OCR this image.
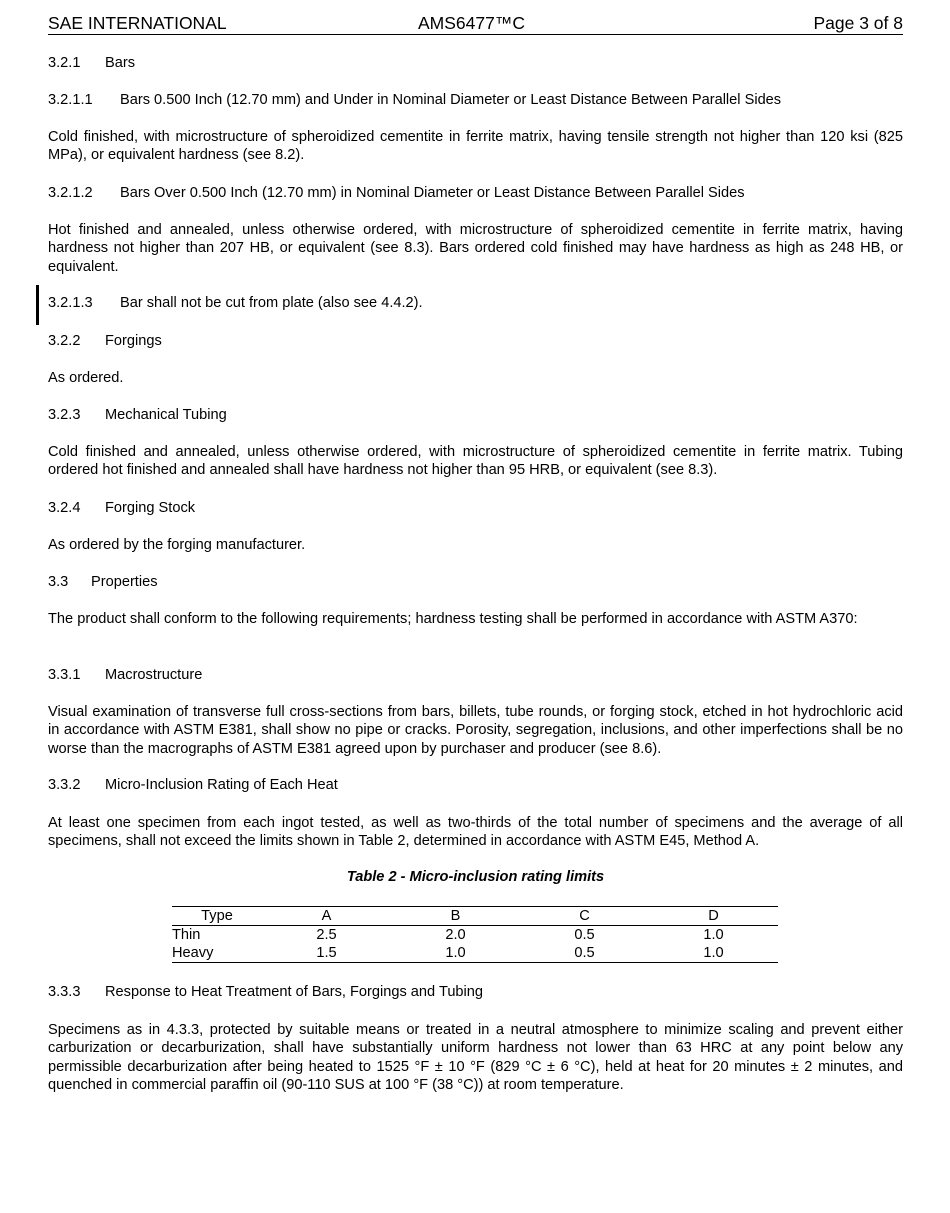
SAE INTERNATIONAL	AMS6477™C	Page 3 of 8

3.2.1 Bars

3.2.1.1 Bars 0.500 Inch (12.70 mm) and Under in Nominal Diameter or Least Distance Between Parallel Sides

Cold finished, with microstructure of spheroidized cementite in ferrite matrix, having tensile strength not higher than 120 ksi (825 MPa), or equivalent hardness (see 8.2).

3.2.1.2 Bars Over 0.500 Inch (12.70 mm) in Nominal Diameter or Least Distance Between Parallel Sides

Hot finished and annealed, unless otherwise ordered, with microstructure of spheroidized cementite in ferrite matrix, having hardness not higher than 207 HB, or equivalent (see 8.3). Bars ordered cold finished may have hardness as high as 248 HB, or equivalent.

3.2.1.3 Bar shall not be cut from plate (also see 4.4.2).

3.2.2 Forgings

As ordered.

3.2.3 Mechanical Tubing

Cold finished and annealed, unless otherwise ordered, with microstructure of spheroidized cementite in ferrite matrix. Tubing ordered hot finished and annealed shall have hardness not higher than 95 HRB, or equivalent (see 8.3).

3.2.4 Forging Stock

As ordered by the forging manufacturer.

3.3 Properties

The product shall conform to the following requirements; hardness testing shall be performed in accordance with ASTM A370:

3.3.1 Macrostructure

Visual examination of transverse full cross-sections from bars, billets, tube rounds, or forging stock, etched in hot hydrochloric acid in accordance with ASTM E381, shall show no pipe or cracks. Porosity, segregation, inclusions, and other imperfections shall be no worse than the macrographs of ASTM E381 agreed upon by purchaser and producer (see 8.6).

3.3.2 Micro-Inclusion Rating of Each Heat

At least one specimen from each ingot tested, as well as two-thirds of the total number of specimens and the average of all specimens, shall not exceed the limits shown in Table 2, determined in accordance with ASTM E45, Method A.

Table 2 - Micro-inclusion rating limits
Type	A	B	C	D
Thin	2.5	2.0	0.5	1.0
Heavy	1.5	1.0	0.5	1.0

3.3.3 Response to Heat Treatment of Bars, Forgings and Tubing

Specimens as in 4.3.3, protected by suitable means or treated in a neutral atmosphere to minimize scaling and prevent either carburization or decarburization, shall have substantially uniform hardness not lower than 63 HRC at any point below any permissible decarburization after being heated to 1525 °F ± 10 °F (829 °C ± 6 °C), held at heat for 20 minutes ± 2 minutes, and quenched in commercial paraffin oil (90-110 SUS at 100 °F (38 °C)) at room temperature.
